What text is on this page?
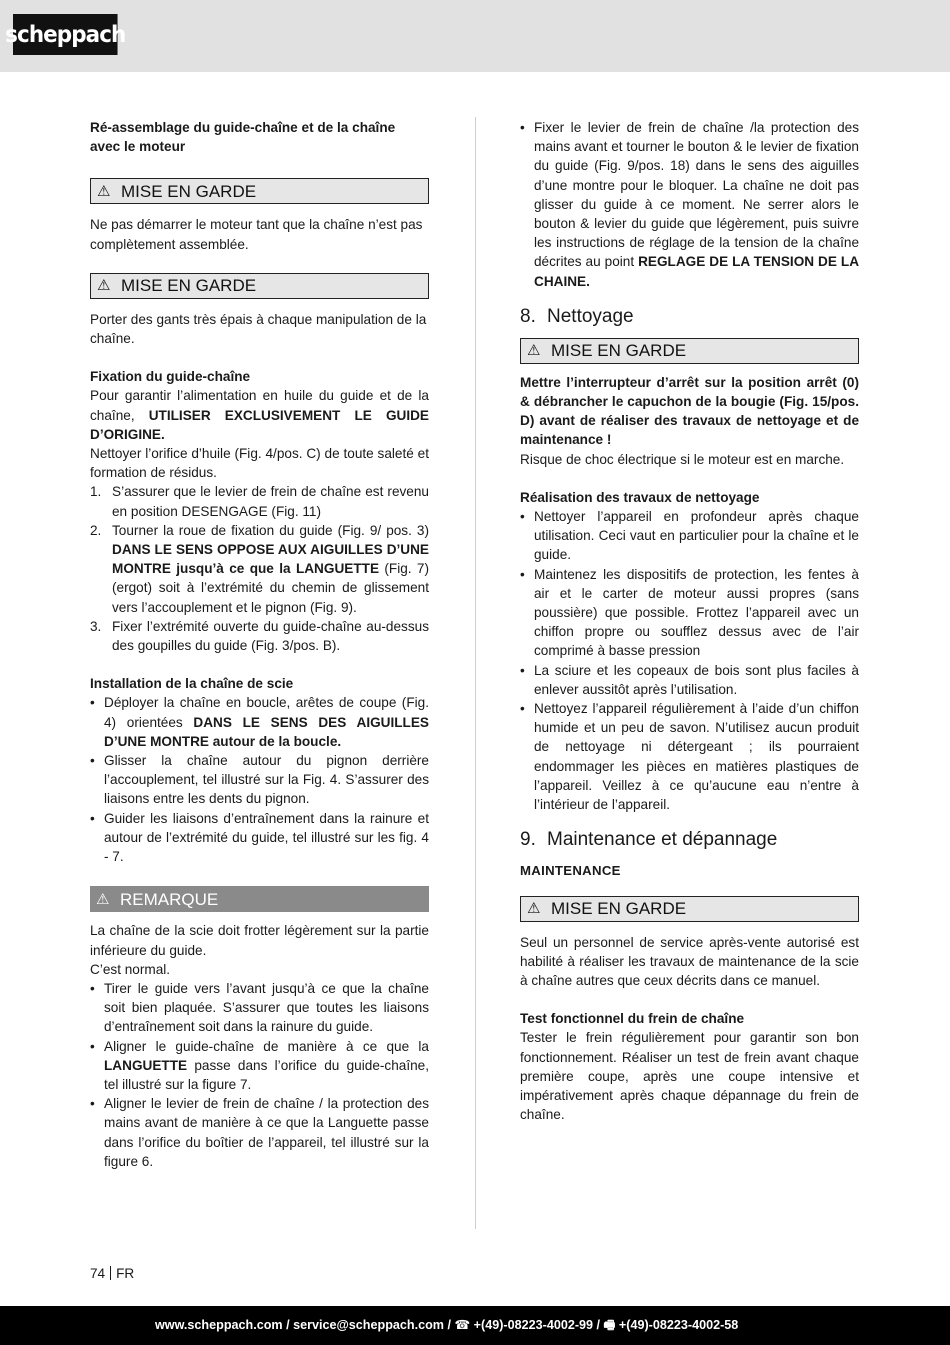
scheppach

Ré-assemblage du guide-chaîne et de la chaîne avec le moteur

⚠ MISE EN GARDE

Ne pas démarrer le moteur tant que la chaîne n’est pas complètement assemblée.

⚠ MISE EN GARDE

Porter des gants très épais à chaque manipulation de la chaîne.

Fixation du guide-chaîne

Pour garantir l’alimentation en huile du guide et de la chaîne, UTILISER EXCLUSIVEMENT LE GUIDE D’ORIGINE.

Nettoyer l’orifice d’huile (Fig. 4/pos. C) de toute saleté et formation de résidus.

1. S’assurer que le levier de frein de chaîne est revenu en position DESENGAGE (Fig. 11)
2. Tourner la roue de fixation du guide (Fig. 9/ pos. 3) DANS LE SENS OPPOSE AUX AIGUILLES D’UNE MONTRE jusqu’à ce que la LANGUETTE (Fig. 7) (ergot) soit à l’extrémité du chemin de glissement vers l’accouplement et le pignon (Fig. 9).
3. Fixer l’extrémité ouverte du guide-chaîne au-dessus des goupilles du guide (Fig. 3/pos. B).

Installation de la chaîne de scie

• Déployer la chaîne en boucle, arêtes de coupe (Fig. 4) orientées DANS LE SENS DES AIGUILLES D’UNE MONTRE autour de la boucle.
• Glisser la chaîne autour du pignon derrière l’accouplement, tel illustré sur la Fig. 4. S’assurer des liaisons entre les dents du pignon.
• Guider les liaisons d’entraînement dans la rainure et autour de l’extrémité du guide, tel illustré sur les fig. 4 - 7.
⚠ REMARQUE

La chaîne de la scie doit frotter légèrement sur la partie inférieure du guide.

C’est normal.

• Tirer le guide vers l’avant jusqu’à ce que la chaîne soit bien plaquée. S’assurer que toutes les liaisons d’entraînement soit dans la rainure du guide.
• Aligner le guide-chaîne de manière à ce que la LANGUETTE passe dans l’orifice du guide-chaîne, tel illustré sur la figure 7.
• Aligner le levier de frein de chaîne / la protection des mains avant de manière à ce que la Languette passe dans l’orifice du boîtier de l’appareil, tel illustré sur la figure 6.
• Fixer le levier de frein de chaîne /la protection des mains avant et tourner le bouton & le levier de fixation du guide (Fig. 9/pos. 18) dans le sens des aiguilles d’une montre pour le bloquer. La chaîne ne doit pas glisser du guide à ce moment. Ne serrer alors le bouton & levier du guide que légèrement, puis suivre les instructions de réglage de la tension de la chaîne décrites au point REGLAGE DE LA TENSION DE LA CHAINE.

8. Nettoyage

⚠ MISE EN GARDE

Mettre l’interrupteur d’arrêt sur la position arrêt (0) & débrancher le capuchon de la bougie (Fig. 15/pos. D) avant de réaliser des travaux de nettoyage et de maintenance !

Risque de choc électrique si le moteur est en marche.

Réalisation des travaux de nettoyage

• Nettoyer l’appareil en profondeur après chaque utilisation. Ceci vaut en particulier pour la chaîne et le guide.
• Maintenez les dispositifs de protection, les fentes à air et le carter de moteur aussi propres (sans poussière) que possible. Frottez l’appareil avec un chiffon propre ou soufflez dessus avec de l’air comprimé à basse pression
• La sciure et les copeaux de bois sont plus faciles à enlever aussitôt après l’utilisation.
• Nettoyez l’appareil régulièrement à l’aide d’un chiffon humide et un peu de savon. N’utilisez aucun produit de nettoyage ni détergeant ; ils pourraient endommager les pièces en matières plastiques de l’appareil. Veillez à ce qu’aucune eau n’entre à l’intérieur de l’appareil.

9. Maintenance et dépannage

MAINTENANCE

⚠ MISE EN GARDE

Seul un personnel de service après-vente autorisé est habilité à réaliser les travaux de maintenance de la scie à chaîne autres que ceux décrits dans ce manuel.

Test fonctionnel du frein de chaîne

Tester le frein régulièrement pour garantir son bon fonctionnement. Réaliser un test de frein avant chaque première coupe, après une coupe intensive et impérativement après chaque dépannage du frein de chaîne.

74 FR
www.scheppach.com / service@scheppach.com / ☎ +(49)-08223-4002-99 / 🖷 +(49)-08223-4002-58
